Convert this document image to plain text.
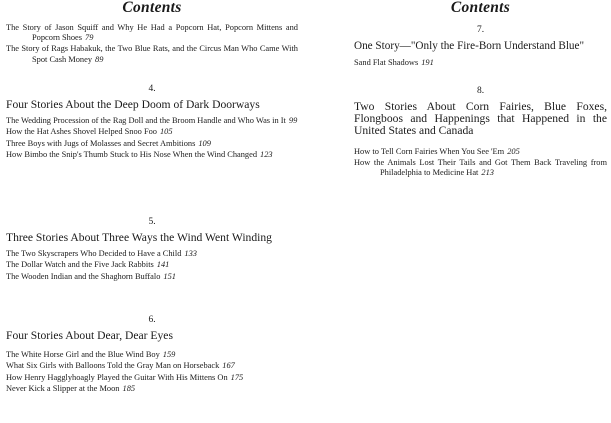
Contents

The Story of Jason Squiff and Why He Had a Popcorn Hat, Popcorn Mittens and Popcorn Shoes 79

The Story of Rags Habakuk, the Two Blue Rats, and the Circus Man Who Came With Spot Cash Money 89

4.
Four Stories About the Deep Doom of Dark Doorways

The Wedding Procession of the Rag Doll and the Broom Handle and Who Was in It 99

How the Hat Ashes Shovel Helped Snoo Foo 105

Three Boys with Jugs of Molasses and Secret Ambitions 109

How Bimbo the Snip's Thumb Stuck to His Nose When the Wind Changed 123

5.
Three Stories About Three Ways the Wind Went Winding

The Two Skyscrapers Who Decided to Have a Child 133

The Dollar Watch and the Five Jack Rabbits 141

The Wooden Indian and the Shaghorn Buffalo 151

6.
Four Stories About Dear, Dear Eyes

The White Horse Girl and the Blue Wind Boy 159

What Six Girls with Balloons Told the Gray Man on Horseback 167

How Henry Hagglyhoagly Played the Guitar With His Mittens On 175

Never Kick a Slipper at the Moon 185

Contents
7.
One Story—"Only the Fire-Born Understand Blue"

Sand Flat Shadows 191

8.
Two Stories About Corn Fairies, Blue Foxes, Flongboos and Happenings that Happened in the United States and Canada

How to Tell Corn Fairies When You See 'Em 205

How the Animals Lost Their Tails and Got Them Back Traveling from Philadelphia to Medicine Hat 213
